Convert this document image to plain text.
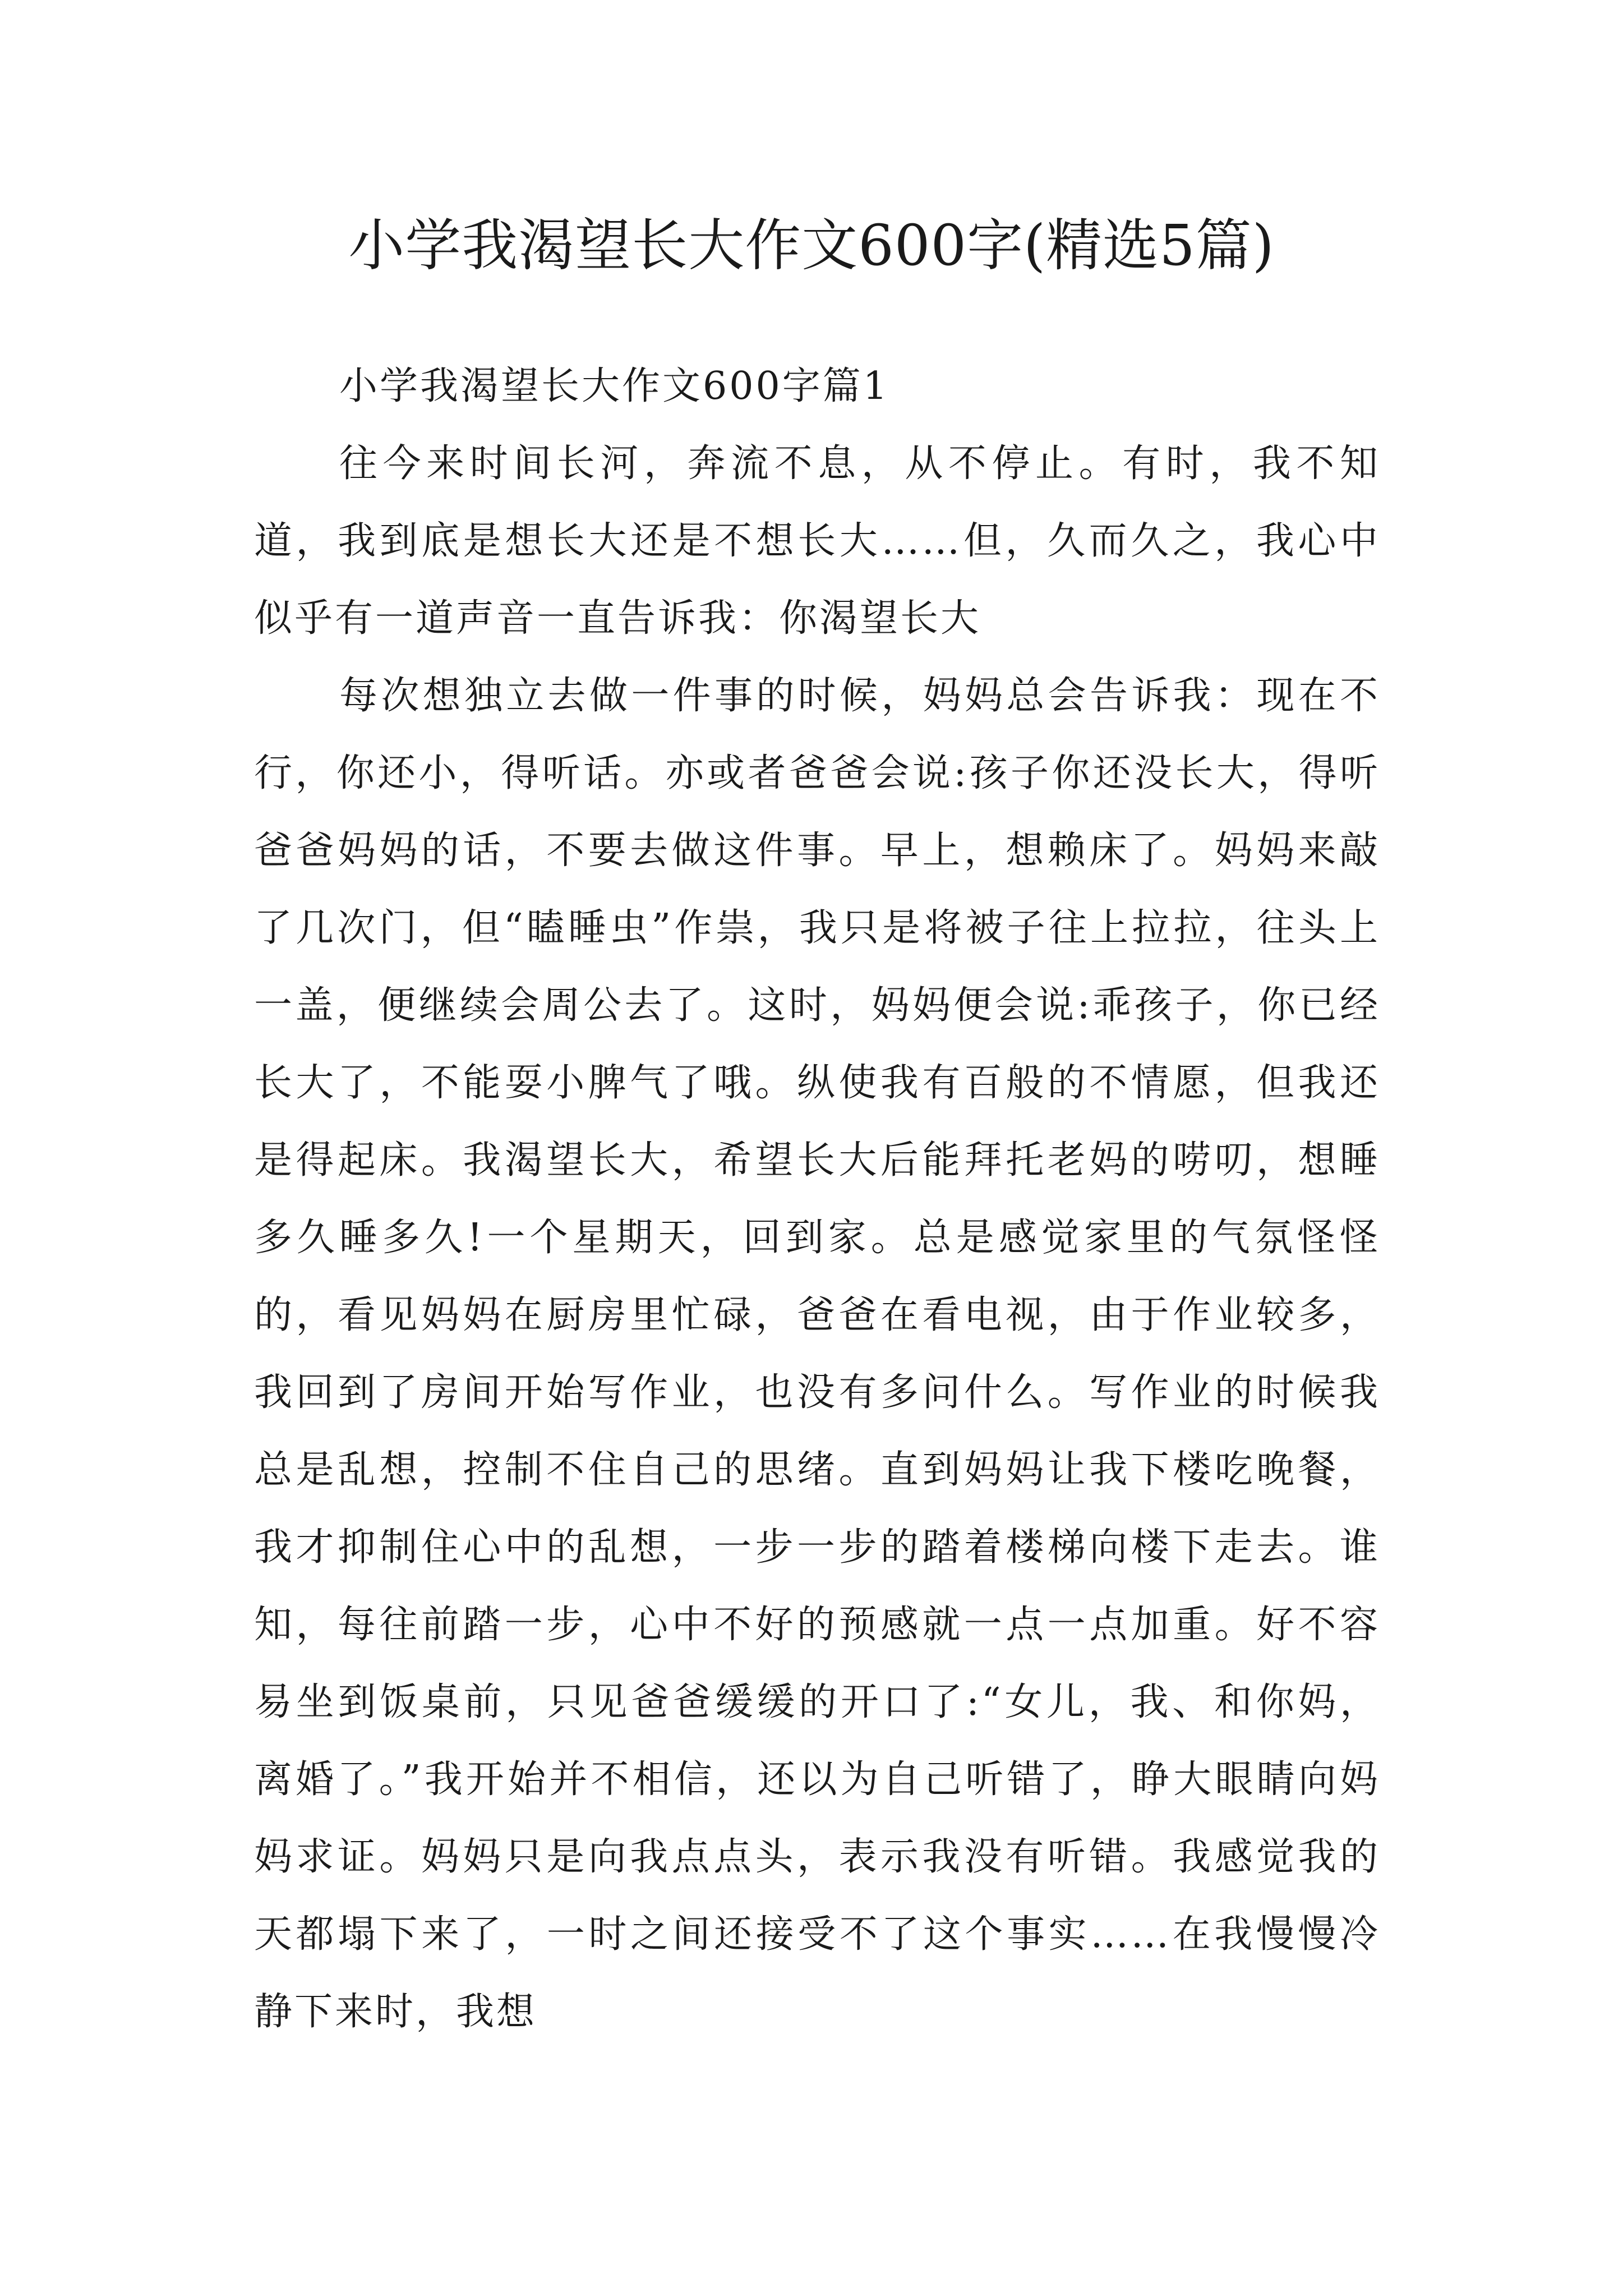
小学我渴望长大作文600字(精选5篇)

小学我渴望长大作文600字篇1

往今来时间长河，奔流不息，从不停止。有时，我不知道，我到底是想长大还是不想长大……但，久而久之，我心中似乎有一道声音一直告诉我：你渴望长大

每次想独立去做一件事的时候，妈妈总会告诉我：现在不行，你还小，得听话。亦或者爸爸会说:孩子你还没长大，得听爸爸妈妈的话，不要去做这件事。早上，想赖床了。妈妈来敲了几次门，但“瞌睡虫”作祟，我只是将被子往上拉拉，往头上一盖，便继续会周公去了。这时，妈妈便会说:乖孩子，你已经长大了，不能耍小脾气了哦。纵使我有百般的不情愿，但我还是得起床。我渴望长大，希望长大后能拜托老妈的唠叨，想睡多久睡多久!一个星期天，回到家。总是感觉家里的气氛怪怪的，看见妈妈在厨房里忙碌，爸爸在看电视，由于作业较多，我回到了房间开始写作业，也没有多问什么。写作业的时候我总是乱想，控制不住自己的思绪。直到妈妈让我下楼吃晚餐，我才抑制住心中的乱想，一步一步的踏着楼梯向楼下走去。谁知，每往前踏一步，心中不好的预感就一点一点加重。好不容易坐到饭桌前，只见爸爸缓缓的开口了:“女儿，我、和你妈，离婚了。”我开始并不相信，还以为自己听错了，睁大眼睛向妈妈求证。妈妈只是向我点点头，表示我没有听错。我感觉我的天都塌下来了，一时之间还接受不了这个事实……在我慢慢冷静下来时，我想
